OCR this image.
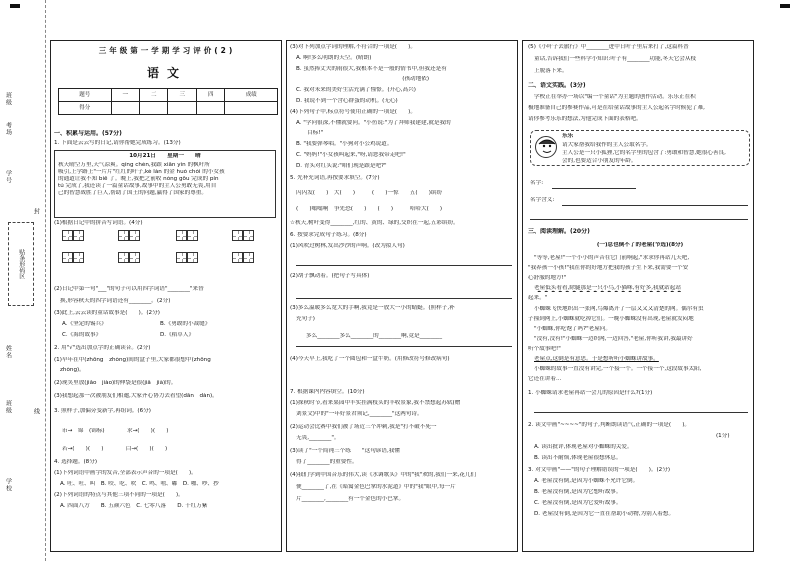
班级
考场
学号
贴条形码区
姓名
班级
学校
封
线
三年级第一学期学习评价(2)
语文
题号	一	二	三	四	成绩
得分					
一、积累与运用。(57分)
1. 下面是云云写的日记,请你帮她完成练习。(13分)
10月21日　　星期一　　晴
秋天晴空万里,天气凉爽。qíng chén,我跟 xiān yìn 的枫叶所
吸引,上学路上"一片片"红红的叶子,kè làn 的金 huó chói 的小女孩
的通道让我不知 biē 了。晚上,我把之前收 nóng gōu 完成的 pín
tú 完成了,我还读了一篇童话故事,故事中的主人公勇敢无畏,用自
己的智慧战胜了巨人,帮助了国王的问题,赢得了国家的尊重。
(1)根据日记中的拼音写词语。(4分)
(2)日记中第一句"___"的句子可以用四字词语"________"来替
换,形容秋天的四字词语还有________。(2分)
(3)此上,云云读的童话故事是(　　)。(2分)
A.《坚定的锡兵》	B.《勇敢的小裁缝》
C.《海的故事》	D.《稻草人》
2. 用"√"选出加点字的正确读音。(2分)
(1)早年在中(zhōng　zhòng)间的盒子里,大家都很想中(zhōng
zhòng)。
(2)现笑里放(jiǎo　jiào)的伸袋是很(jiǎ　jià)的。
(3)我想起那一次被朋友们相邀,大家齐心协力去看望(dān　dàn)。
3. 照样子,加偏旁变新字,再组词。(6分)
币→　锦　(锦标)　　　　求→(　　)(　　)
若→(　　)(　　)　　　　白→(　　)(　　)
4. 选择题。(8分)
(1)下列词语中画字的发音,全部表示声音的一项是(　　)。
A. 吐、吐、叫　B. 咬、吃、吹　C. 鸣、嘻、嘟　D. 啪、吵、抄
(2)下列词语的特点与其他三项不同的一项是(　　)。
A. 四面八方　　B. 五颜六色　C. 七零八落　　D. 千红万紫
(3)对下列加点字词的理解,不符合的一项是(　　)。
A. 啊!多么明朗的天空。(晴朗)
B. 虽然捧丈夫的雨很大,我根本不是一般的情书中,但我还是有
　　　　　　　　　　　　　　　　　　　(孩动地依)
C. 我对未来的美好生活充满了憧憬。(开心,高兴)
D. 我说不到一个含心群蛋的动机。(无心)
(4)下列句子中,标点符号使用正确的一项是(　　)。
A. "学问很深,不懂就要问。"小鱼说:"为了拜师我建建,就是我的
　　目标!"
B. "我要弹琴唱。"小狗对小公鸡说道。
C. "妈妈!"小女孩叫起来,"呀,请您我带走吧!"
D. 青头对红头说:"咱们现是跟是吧?"
5. 先补充词语,再按要求填空。(7分)
闪闪发(　　)　大(　　)　　　(　　)一惊　　五(　　)缤纷
(　　)嗡嗡响　争先恐(　　)　　(　　)　　　哈哈大(　　)
☆秋天,树叶变得________,红的、黄的、绿的,交织在一起,五彩缤纷。
6. 按要求完成句子练习。(8分)
(1)风吹过树林,发出沙沙的声响。(改为拟人句)
(2)胡子飘动着。(把句子写具体)
(3)多么温暖多么宽大的手啊,我竟是一放大一小的蜻蜓。(照样子,补
充句子)
多么________多么________的________啊,竟是________
(4)今天早上,我吃了一个圆包和一盒牛奶。(用修改符号修改病句)
7. 根据课内内容填空。(10分)
(1)探秋时节,看来果园中丰实挂满枝头的丰收景象,我不禁想起苏轼(赠
刘景文)中的"一年好景君须记,________"这两句诗。
(2)运动会比赛中我们被了场近三个冲刺,我是"打不破不死一
无畏,________"。
(3)读了"一个简钝三个练　　"这句谚语,我懂
得了________的重要性。
(4)我们学到中国音乐的伟大,读《水调歌头》中的"我"欢的,我们一来,花儿们
便________了,在《暗寓金色巴掌的水泥道》中的"我"眼中,每一片
片________,________有一个金色的小巴掌。
(5)《小叶子去旅行》中________进中日叶子里后来打了,这篇科普
童话,告诉我们一些科学小知识:叶子有________功能,冬天它会从枝
上脱落下来。
二、语文实践。(3分)
学校正在举办一场以"编一个童话"为主题的创作活动。乐乐正在积
极地准备自己的参赛作品,可是在给童话故事的主人公起名字时候犯了难,
请你参考乐乐的想法,为他完成下面的表格吧。
乐乐
请大家帮我给我作的主人公取名字。
主人公是一只小狐狸,它的名字里的包含了:勇敢和智慧,她很心善良,
会的,也要适合小朋友的年龄。
名字:
名字含义:
三、阅读理解。(20分)
(一)总也倒不了的老屋(节选)(8分)
"等等,老屋!"一个小小的声音在它门前响起,"求求你再站几天吧,
"我养孩一小孩!"我在你的好地方把我的孩子生下来,我需要一个安
心舒服的地方!"
老屋低头看看,除腿那是一只小鸟,小猫咪,有好多,我就站起站
起来。"
小蜘蛛飞快地织出一张网,鸟爆离开了一层又又又清楚的网。偶尔有虫
子撞到网上,小蜘蛛就吃掉它们。一晚小蜘蛛没有出现,老屋就发闷地
"小蜘蛛,你吃饱了吗?"老屋问。
"没有,没有!"小蜘蛛一边织网,一边回答,"老屋,你听我讲,我最讲好
听个故事吧!"
老屋点,这倒是有意思。于是想听听小蜘蛛讲故事。
小蜘蛛的故事一直没有讲完,一个接一个。一个接一个,这段故事太阳,
它还在讲着...
1. 小蜘蛛请求老屋再站一会儿的原因是什么?(1分)
2. 读文中画"~~~~"的句子,判断朗读语气,正确的一项是(　　)。
(1分)
A. 读出批评,体现老屋对小蜘蛛的关爱。
B. 读出不耐烦,体现老屋很想休息。
3. 对文中画"——"的句子理解错误的一项是(　　)。(2分)
A. 老屋没有倒,是因为小蜘蛛不允许它倒。
B. 老屋没有倒,是因为它想听故事。
C. 老屋没有倒,是因为它爱听故事。
D. 老屋没有倒,是因为它一直在帮助小动物,为别人着想。
